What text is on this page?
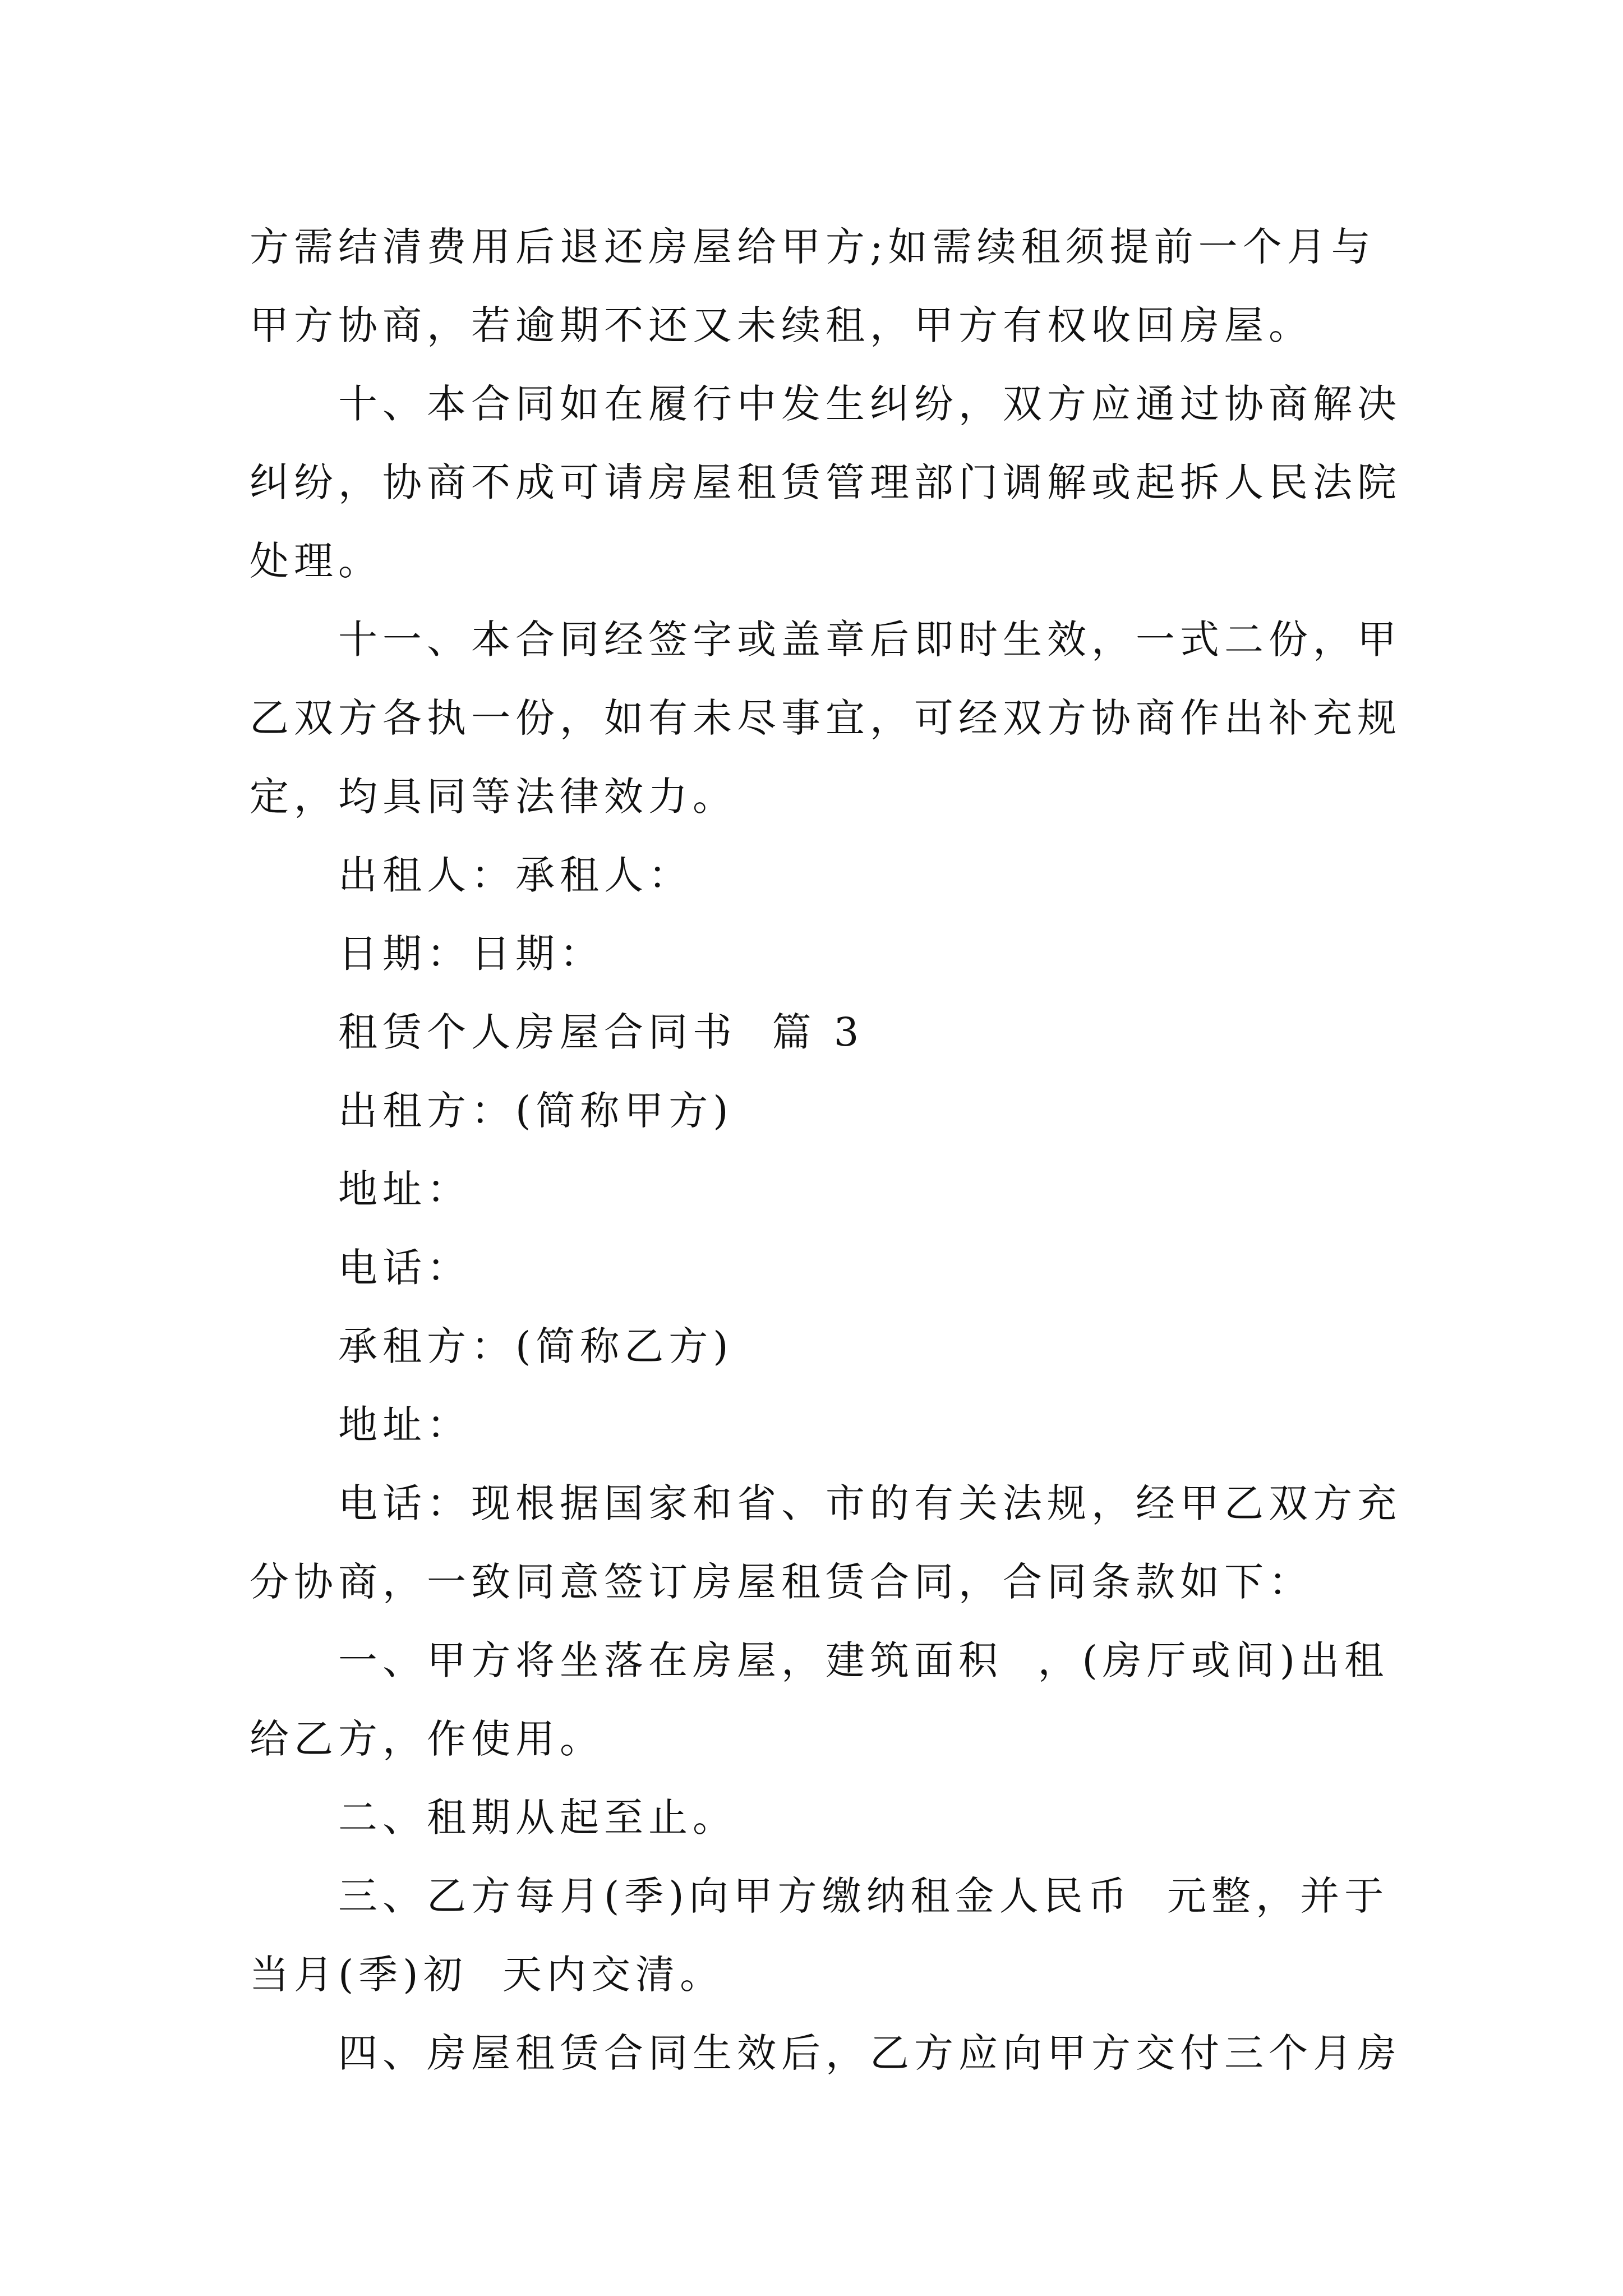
方需结清费用后退还房屋给甲方;如需续租须提前一个月与
甲方协商，若逾期不还又未续租，甲方有权收回房屋。

十、本合同如在履行中发生纠纷，双方应通过协商解决
纠纷，协商不成可请房屋租赁管理部门调解或起拆人民法院
处理。

十一、本合同经签字或盖章后即时生效，一式二份，甲
乙双方各执一份，如有未尽事宜，可经双方协商作出补充规
定，均具同等法律效力。

出租人：承租人：

日期：日期：

租赁个人房屋合同书  篇 3

出租方：(简称甲方)

地址：

电话：

承租方：(简称乙方)

地址：

电话：现根据国家和省、市的有关法规，经甲乙双方充
分协商，一致同意签订房屋租赁合同，合同条款如下：

一、甲方将坐落在房屋，建筑面积  ，(房厅或间)出租
给乙方，作使用。

二、租期从起至止。

三、乙方每月(季)向甲方缴纳租金人民币  元整，并于
当月(季)初  天内交清。

四、房屋租赁合同生效后，乙方应向甲方交付三个月房
